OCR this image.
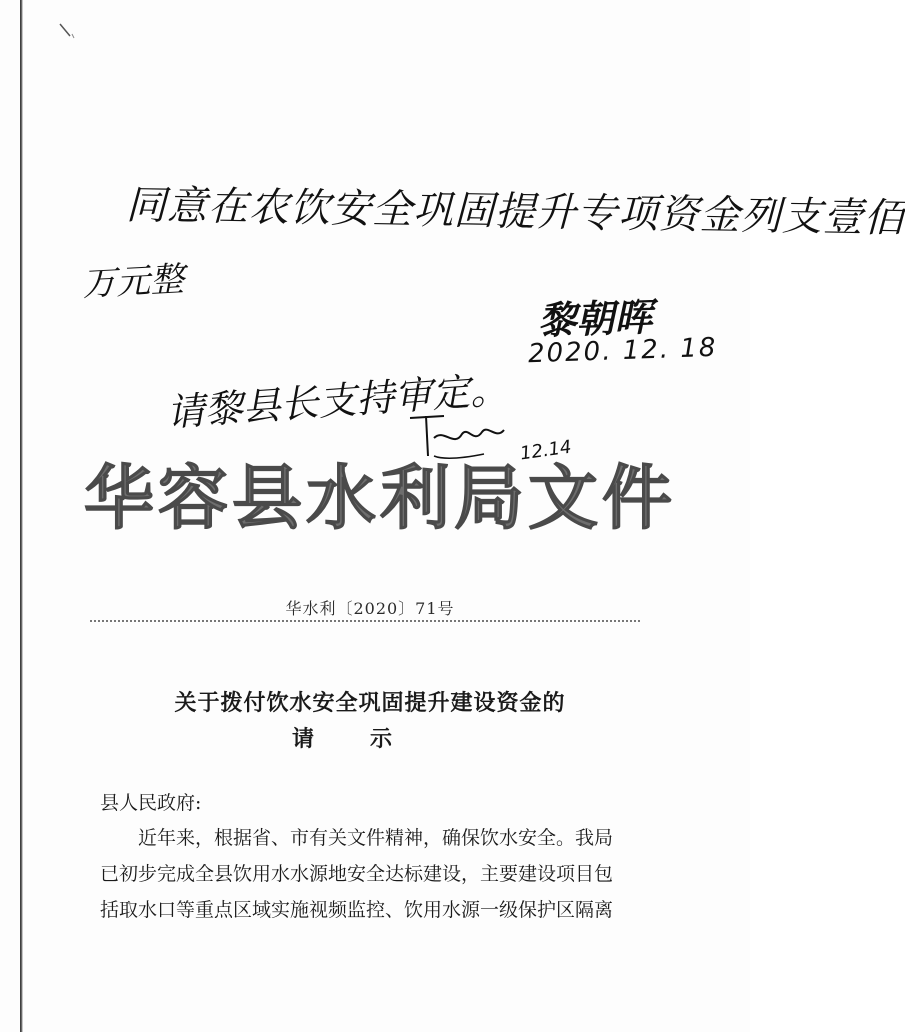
同意在农饮安全巩固提升专项资金列支壹佰
万元整
黎朝晖
2020. 12. 18
请黎县长支持审定。
12.14
华容县水利局文件
华水利〔2020〕71号
关于拨付饮水安全巩固提升建设资金的
请示
县人民政府:
近年来，根据省、市有关文件精神，确保饮水安全。我局
已初步完成全县饮用水水源地安全达标建设，主要建设项目包
括取水口等重点区域实施视频监控、饮用水源一级保护区隔离
